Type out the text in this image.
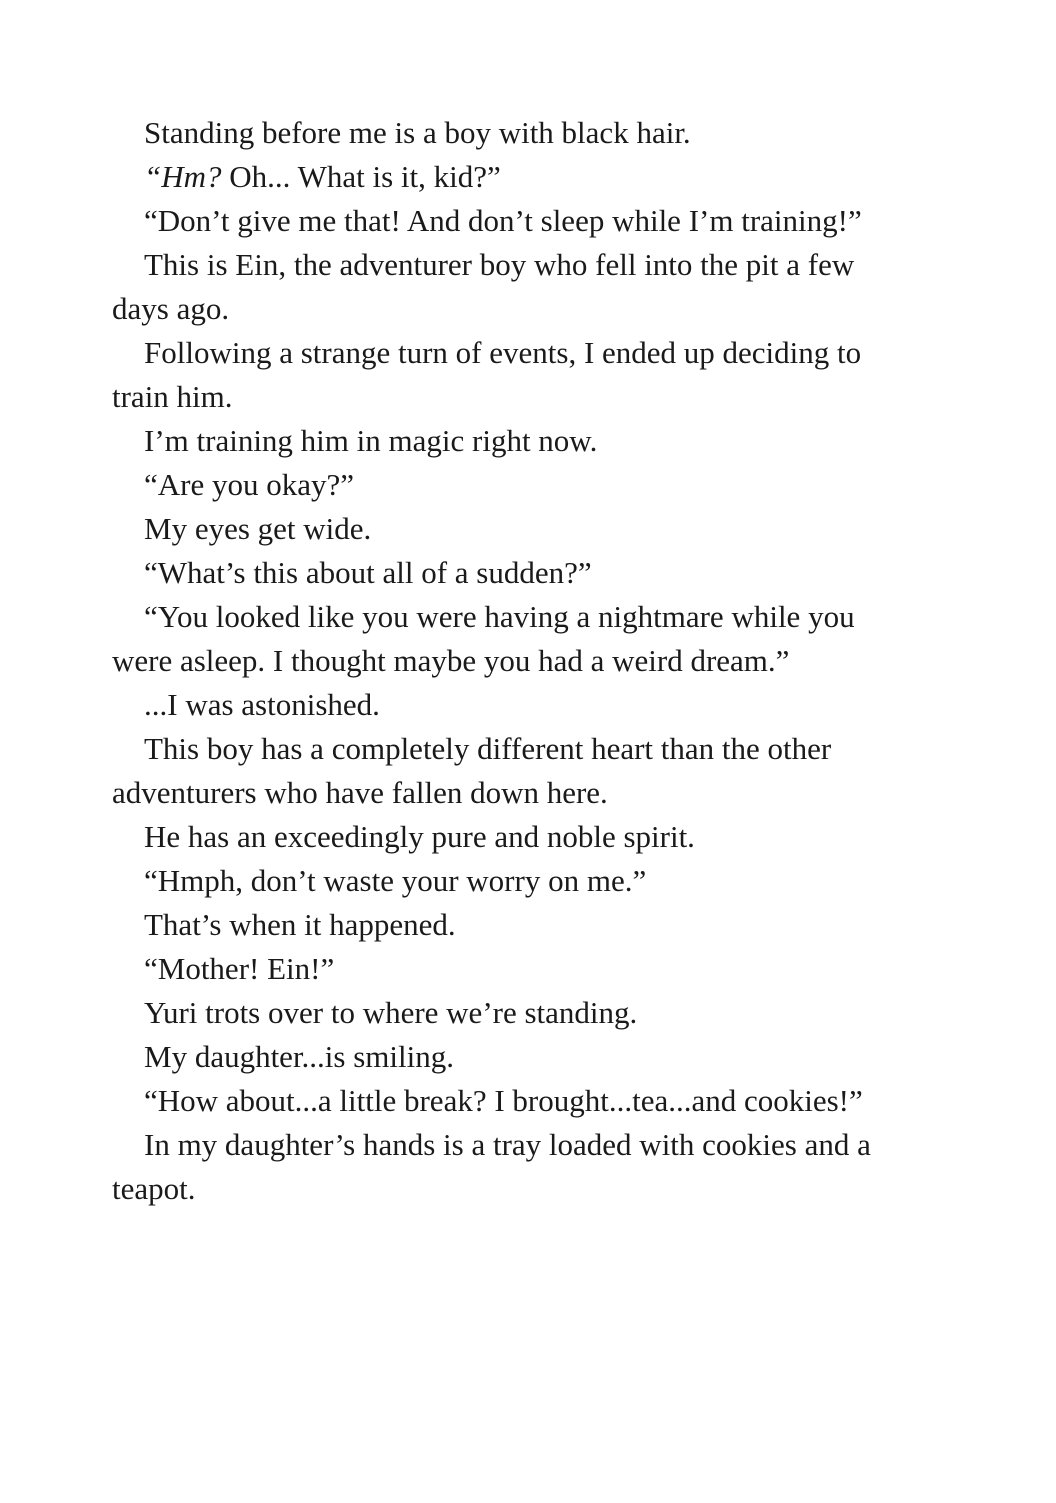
Standing before me is a boy with black hair.
“Hm? Oh... What is it, kid?”
“Don’t give me that! And don’t sleep while I’m training!”
This is Ein, the adventurer boy who fell into the pit a few
days ago.
Following a strange turn of events, I ended up deciding to
train him.
I’m training him in magic right now.
“Are you okay?”
My eyes get wide.
“What’s this about all of a sudden?”
“You looked like you were having a nightmare while you
were asleep. I thought maybe you had a weird dream.”
...I was astonished.
This boy has a completely different heart than the other
adventurers who have fallen down here.
He has an exceedingly pure and noble spirit.
“Hmph, don’t waste your worry on me.”
That’s when it happened.
“Mother! Ein!”
Yuri trots over to where we’re standing.
My daughter...is smiling.
“How about...a little break? I brought...tea...and cookies!”
In my daughter’s hands is a tray loaded with cookies and a
teapot.
